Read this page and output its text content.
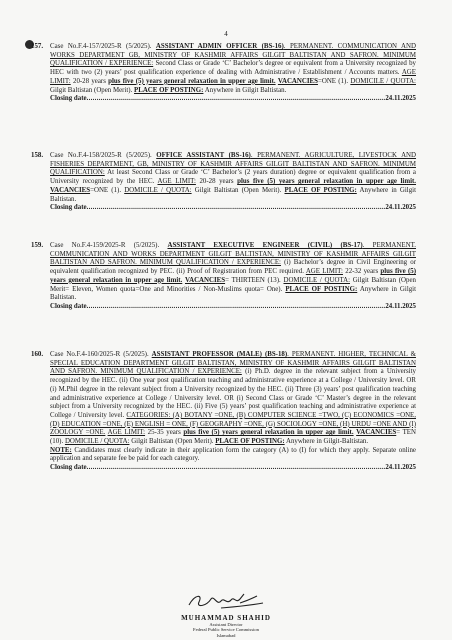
4
157. Case No.F.4-157/2025-R (5/2025). ASSISTANT ADMIN OFFICER (BS-16). PERMANENT. COMMUNICATION AND WORKS DEPARTMENT GB, MINISTRY OF KASHMIR AFFAIRS GILGIT BALTISTAN AND SAFRON. MINIMUM QUALIFICATION / EXPERIENCE: Second Class or Grade ‘C’ Bachelor’s degree or equivalent from a University recognized by HEC with two (2) years’ post qualification experience of dealing with Administrative / Establishment / Accounts matters. AGE LIMIT: 20-28 years plus five (5) years general relaxation in upper age limit. VACANCIES=ONE (1). DOMICILE / QUOTA: Gilgit Baltistan (Open Merit). PLACE OF POSTING: Anywhere in Gilgit Baltistan.
Closing date .....	24.11.2025
158. Case No.F.4-158/2025-R (5/2025). OFFICE ASSISTANT (BS-16). PERMANENT. AGRICULTURE, LIVESTOCK AND FISHERIES DEPARTMENT, GB, MINISTRY OF KASHMIR AFFAIRS GILGIT BALTISTAN AND SAFRON. MINIMUM QUALIFICATION: At least Second Class or Grade ‘C’ Bachelor’s (2 years duration) degree or equivalent qualification from a University recognized by the HEC. AGE LIMIT: 20-28 years plus five (5) years general relaxation in upper age limit. VACANCIES=ONE (1). DOMICILE / QUOTA: Gilgit Baltistan (Open Merit). PLACE OF POSTING: Anywhere in Gilgit Baltistan.
Closing date .....	24.11.2025
159. Case No.F.4-159/2025-R (5/2025). ASSISTANT EXECUTIVE ENGINEER (CIVIL) (BS-17). PERMANENT. COMMUNICATION AND WORKS DEPARTMENT GILGIT BALTISTAN, MINISTRY OF KASHMIR AFFAIRS GILGIT BALTISTAN AND SAFRON. MINIMUM QUALIFICATION / EXPERIENCE: (i) Bachelor’s degree in Civil Engineering or equivalent qualification recognized by PEC. (ii) Proof of Registration from PEC required. AGE LIMIT: 22-32 years plus five (5) years general relaxation in upper age limit. VACANCIES= THIRTEEN (13). DOMICILE / QUOTA: Gilgit Baltistan (Open Merit= Eleven, Women quota=One and Minorities / Non-Muslims quota= One). PLACE OF POSTING: Anywhere in Gilgit Baltistan.
Closing date .....	24.11.2025
160. Case No.F.4-160/2025-R (5/2025). ASSISTANT PROFESSOR (MALE) (BS-18). PERMANENT. HIGHER, TECHNICAL & SPECIAL EDUCATION DEPARTMENT GILGIT BALTISTAN, MINISTRY OF KASHMIR AFFAIRS GILGIT BALTISTAN AND SAFRON. MINIMUM QUALIFICATION / EXPERIENCE: (i) Ph.D. degree in the relevant subject from a University recognized by the HEC. (ii) One year post qualification teaching and administrative experience at a College / University level. OR (i) M.Phil degree in the relevant subject from a University recognized by the HEC. (ii) Three (3) years’ post qualification teaching and administrative experience at College / University level. OR (i) Second Class or Grade ‘C’ Master’s degree in the relevant subject from a University recognized by the HEC. (ii) Five (5) years’ post qualification teaching and administrative experience at College / University level. CATEGORIES: (A) BOTANY =ONE, (B) COMPUTER SCIENCE =TWO, (C) ECONOMICS =ONE, (D) EDUCATION =ONE, (E) ENGLISH = ONE, (F) GEOGRAPHY =ONE, (G) SOCIOLOGY =ONE, (H) URDU =ONE AND (I) ZOOLOGY =ONE. AGE LIMIT: 25-35 years plus five (5) years general relaxation in upper age limit. VACANCIES= TEN (10). DOMICILE / QUOTA: Gilgit Baltistan (Open Merit). PLACE OF POSTING: Anywhere in Gilgit-Baltistan.
NOTE: Candidates must clearly indicate in their application form the category (A) to (I) for which they apply. Separate online application and separate fee be paid for each category.
Closing date .....	24.11.2025
MUHAMMAD SHAHID
Assistant Director
Federal Public Service Commission
Islamabad
